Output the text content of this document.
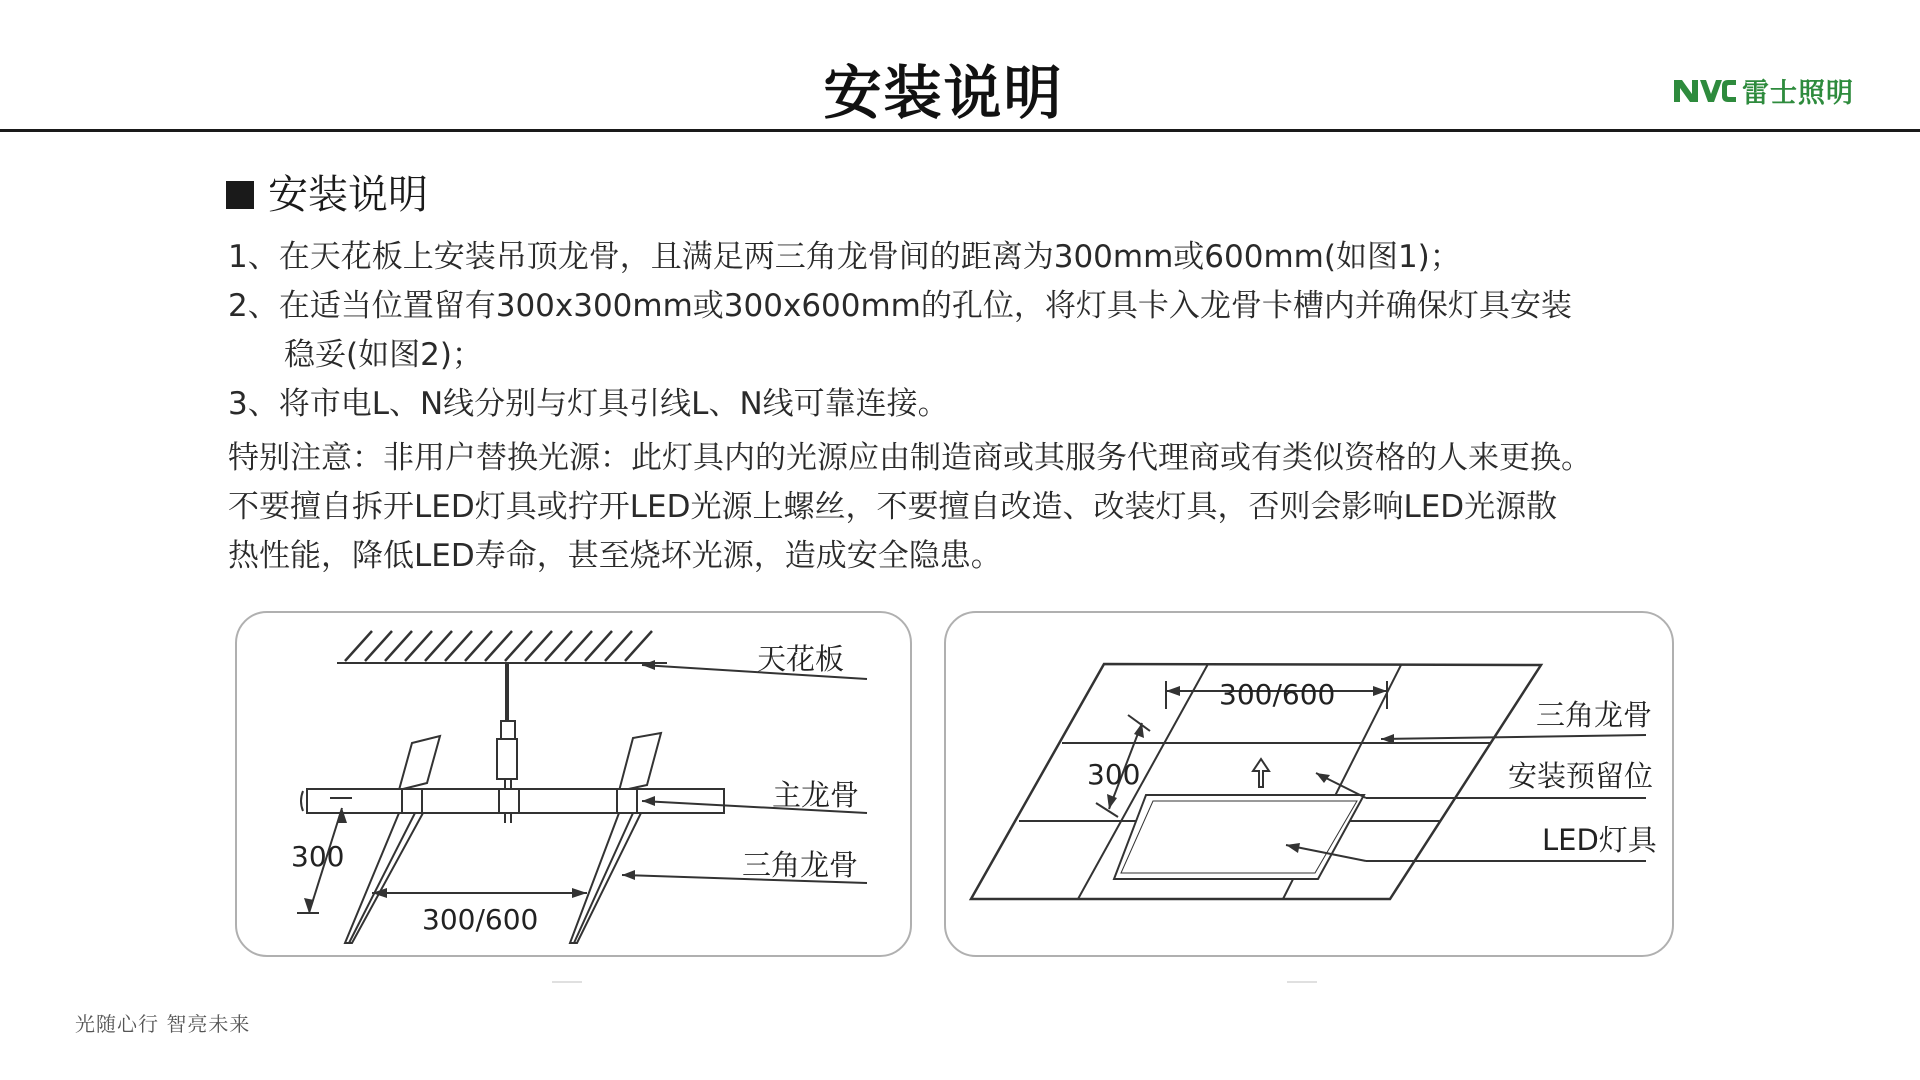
安装说明	雷士照明
安装说明
1、在天花板上安装吊顶龙骨，且满足两三角龙骨间的距离为300mm或600mm(如图1)；
2、在适当位置留有300x300mm或300x600mm的孔位，将灯具卡入龙骨卡槽内并确保灯具安装
稳妥(如图2)；
3、将市电L、N线分别与灯具引线L、N线可靠连接。
特别注意：非用户替换光源：此灯具内的光源应由制造商或其服务代理商或有类似资格的人来更换。
不要擅自拆开LED灯具或拧开LED光源上螺丝，不要擅自改造、改装灯具，否则会影响LED光源散
热性能，降低LED寿命，甚至烧坏光源，造成安全隐患。
天花板
主龙骨
三角龙骨
300
300/600
300/600
300
三角龙骨
安装预留位
LED灯具
光随心行 智亮未来
